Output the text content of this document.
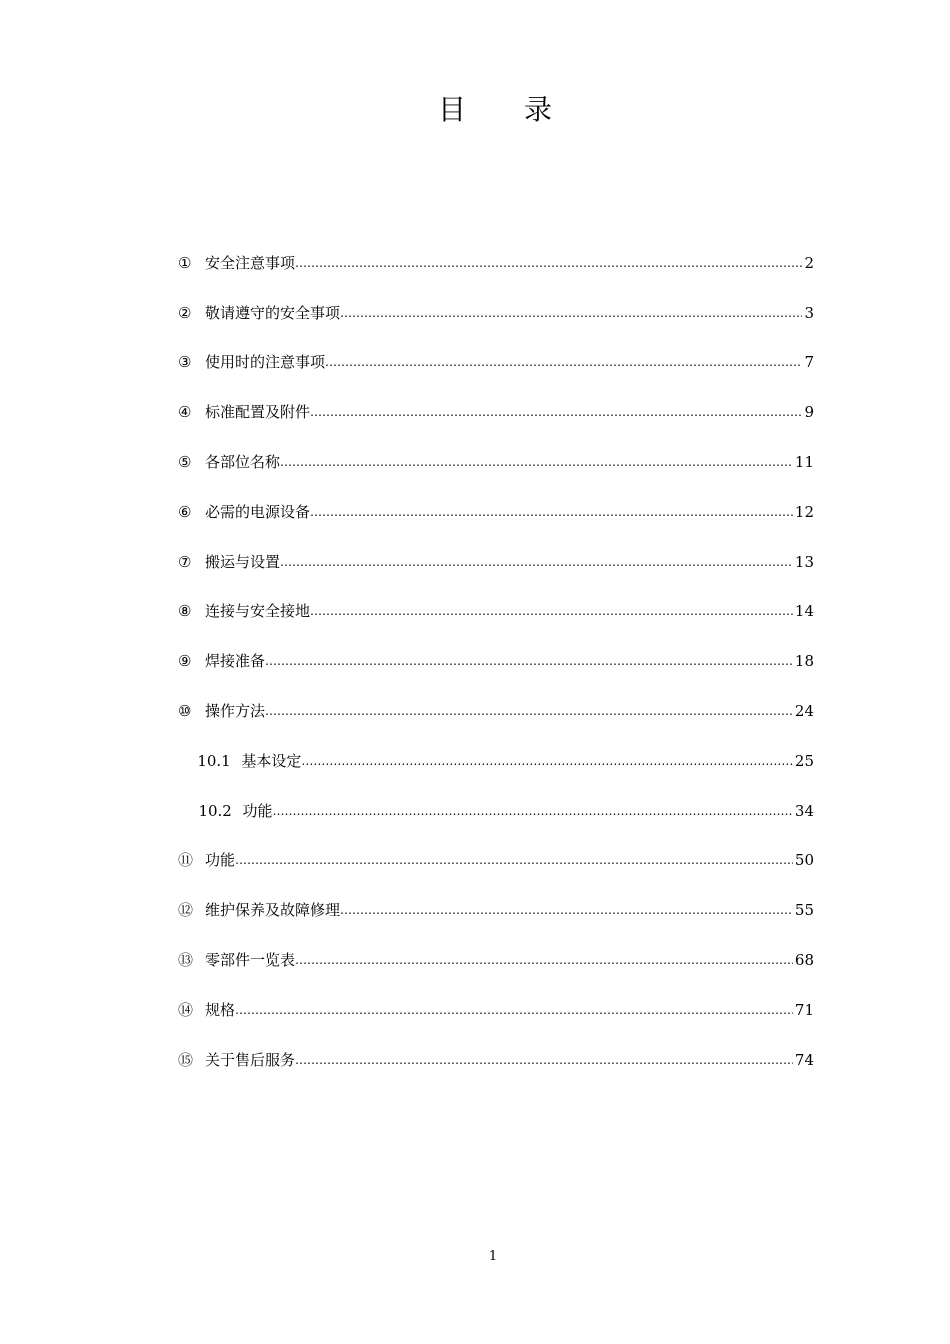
目 录
① 安全注意事项 …………………………………………………………………………………………………………………………………………………………………………………………	2
② 敬请遵守的安全事项 …………………………………………………………………………………………………………………………………………………………………………………………	3
③ 使用时的注意事项 …………………………………………………………………………………………………………………………………………………………………………………………	7
④ 标准配置及附件 …………………………………………………………………………………………………………………………………………………………………………………………	9
⑤ 各部位名称 …………………………………………………………………………………………………………………………………………………………………………………………	11
⑥ 必需的电源设备 …………………………………………………………………………………………………………………………………………………………………………………………	12
⑦ 搬运与设置 …………………………………………………………………………………………………………………………………………………………………………………………	13
⑧ 连接与安全接地 …………………………………………………………………………………………………………………………………………………………………………………………	14
⑨ 焊接准备 …………………………………………………………………………………………………………………………………………………………………………………………	18
⑩ 操作方法 …………………………………………………………………………………………………………………………………………………………………………………………	24
10.1 基本设定 …………………………………………………………………………………………………………………………………………………………………………………………	25
10.2 功能 …………………………………………………………………………………………………………………………………………………………………………………………	34
⑪ 功能 …………………………………………………………………………………………………………………………………………………………………………………………	50
⑫ 维护保养及故障修理 …………………………………………………………………………………………………………………………………………………………………………………………	55
⑬ 零部件一览表 …………………………………………………………………………………………………………………………………………………………………………………………	68
⑭ 规格 …………………………………………………………………………………………………………………………………………………………………………………………	71
⑮ 关于售后服务 …………………………………………………………………………………………………………………………………………………………………………………………	74
1
